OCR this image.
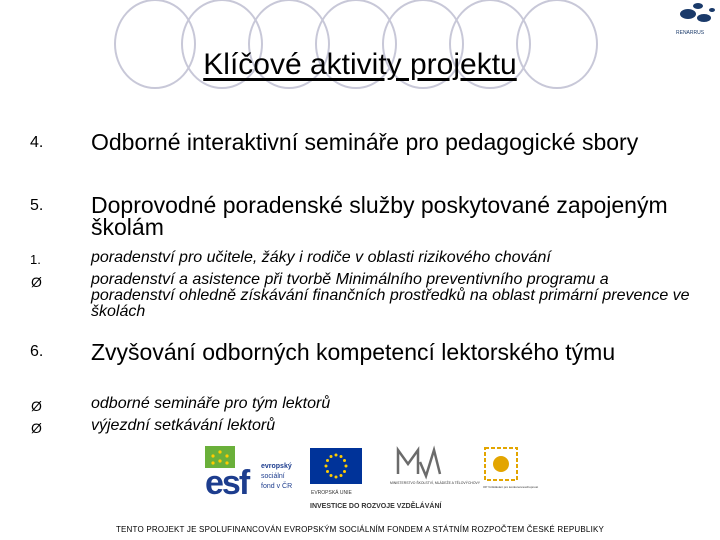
RENARRUS
Klíčové aktivity projektu
4. Odborné interaktivní semináře pro pedagogické sbory
5. Doprovodné poradenské služby poskytované zapojeným školám
1.	poradenství pro učitele, žáky i rodiče v oblasti rizikového chování
Ø	poradenství a asistence při tvorbě Minimálního preventivního programu a poradenství ohledně získávání finančních prostředků na oblast primární prevence ve školách
6. Zvyšování odborných kompetencí lektorského týmu
Ø	odborné semináře pro tým lektorů
Ø	výjezdní setkávání lektorů
esf	evropský
sociální
fond v ČR
EVROPSKÁ UNIE
MINISTERSTVO ŠKOLSTVÍ, MLÁDEŽE A TĚLOVÝCHOVY
OP Vzdělávání pro konkurenceschopnost
INVESTICE DO ROZVOJE VZDĚLÁVÁNÍ
TENTO PROJEKT JE SPOLUFINANCOVÁN EVROPSKÝM SOCIÁLNÍM FONDEM A STÁTNÍM ROZPOČTEM ČESKÉ REPUBLIKY
